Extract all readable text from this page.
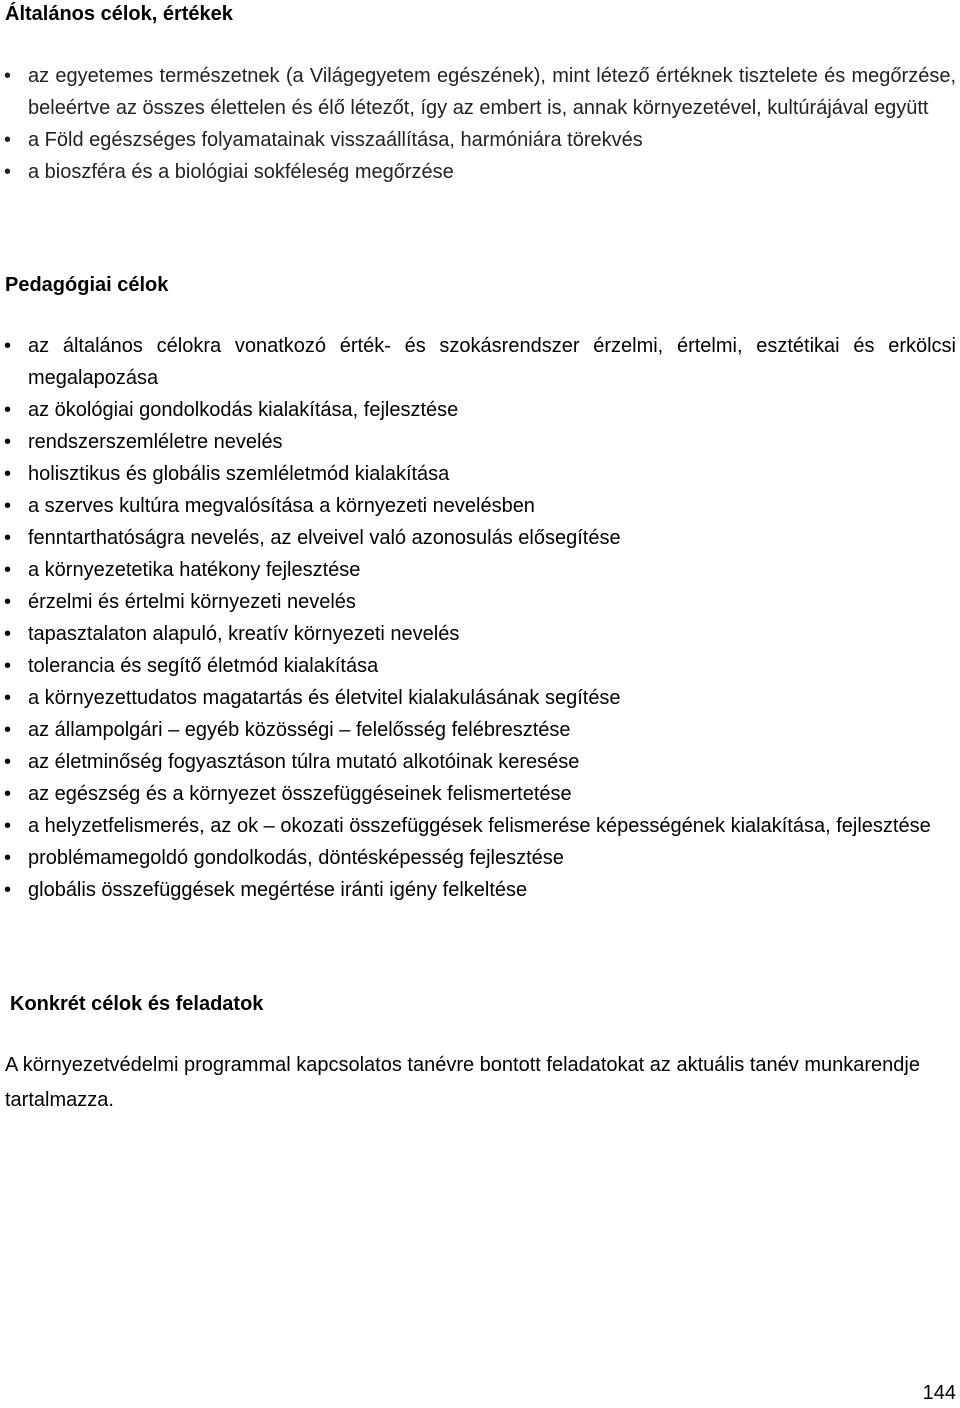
Általános célok, értékek
• az egyetemes természetnek (a Világegyetem egészének), mint létező értéknek tisztelete és megőrzése, beleértve az összes élettelen és élő létezőt, így az embert is, annak környezetével, kultúrájával együtt
• a Föld egészséges folyamatainak visszaállítása, harmóniára törekvés
• a bioszféra és a biológiai sokféleség megőrzése
Pedagógiai célok
• az általános célokra vonatkozó érték- és szokásrendszer érzelmi, értelmi, esztétikai és erkölcsi megalapozása
• az ökológiai gondolkodás kialakítása, fejlesztése
• rendszerszemléletre nevelés
• holisztikus és globális szemléletmód kialakítása
• a szerves kultúra megvalósítása a környezeti nevelésben
• fenntarthatóságra nevelés, az elveivel való azonosulás elősegítése
• a környezetetika hatékony fejlesztése
• érzelmi és értelmi környezeti nevelés
• tapasztalaton alapuló, kreatív környezeti nevelés
• tolerancia és segítő életmód kialakítása
• a környezettudatos magatartás és életvitel kialakulásának segítése
• az állampolgári – egyéb közösségi – felelősség felébresztése
• az életminőség fogyasztáson túlra mutató alkotóinak keresése
• az egészség és a környezet összefüggéseinek felismertetése
• a helyzetfelismerés, az ok – okozati összefüggések felismerése képességének kialakítása, fejlesztése
• problémamegoldó gondolkodás, döntésképesség fejlesztése
• globális összefüggések megértése iránti igény felkeltése
Konkrét célok és feladatok

A környezetvédelmi programmal kapcsolatos tanévre bontott feladatokat az aktuális tanév munkarendje tartalmazza.

144
